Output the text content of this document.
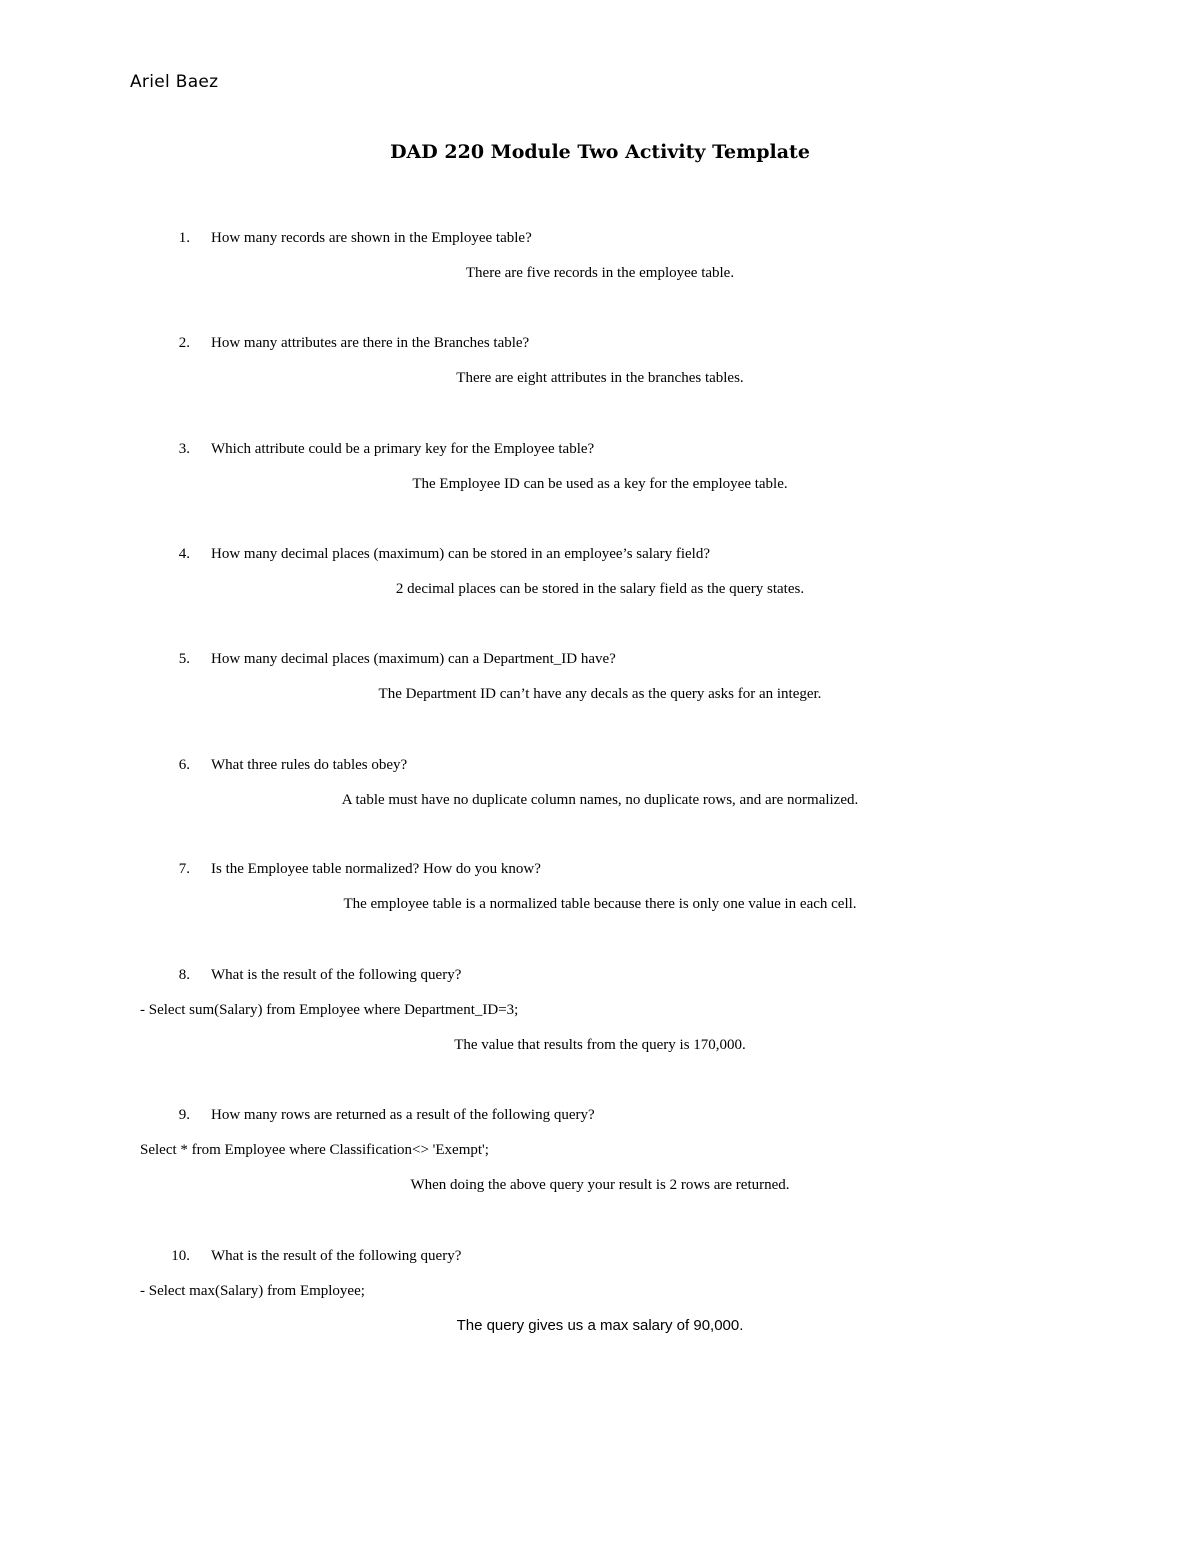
Ariel Baez
DAD 220 Module Two Activity Template
1. How many records are shown in the Employee table?
There are five records in the employee table.
2. How many attributes are there in the Branches table?
There are eight attributes in the branches tables.
3. Which attribute could be a primary key for the Employee table?
The Employee ID can be used as a key for the employee table.
4. How many decimal places (maximum) can be stored in an employee’s salary field?
2 decimal places can be stored in the salary field as the query states.
5. How many decimal places (maximum) can a Department_ID have?
The Department ID can’t have any decals as the query asks for an integer.
6. What three rules do tables obey?
A table must have no duplicate column names, no duplicate rows, and are normalized.
7. Is the Employee table normalized? How do you know?
The employee table is a normalized table because there is only one value in each cell.
8. What is the result of the following query?
- Select sum(Salary) from Employee where Department_ID=3;
The value that results from the query is 170,000.
9. How many rows are returned as a result of the following query?
Select * from Employee where Classification<> 'Exempt';
When doing the above query your result is 2 rows are returned.
10. What is the result of the following query?
- Select max(Salary) from Employee;
The query gives us a max salary of 90,000.
